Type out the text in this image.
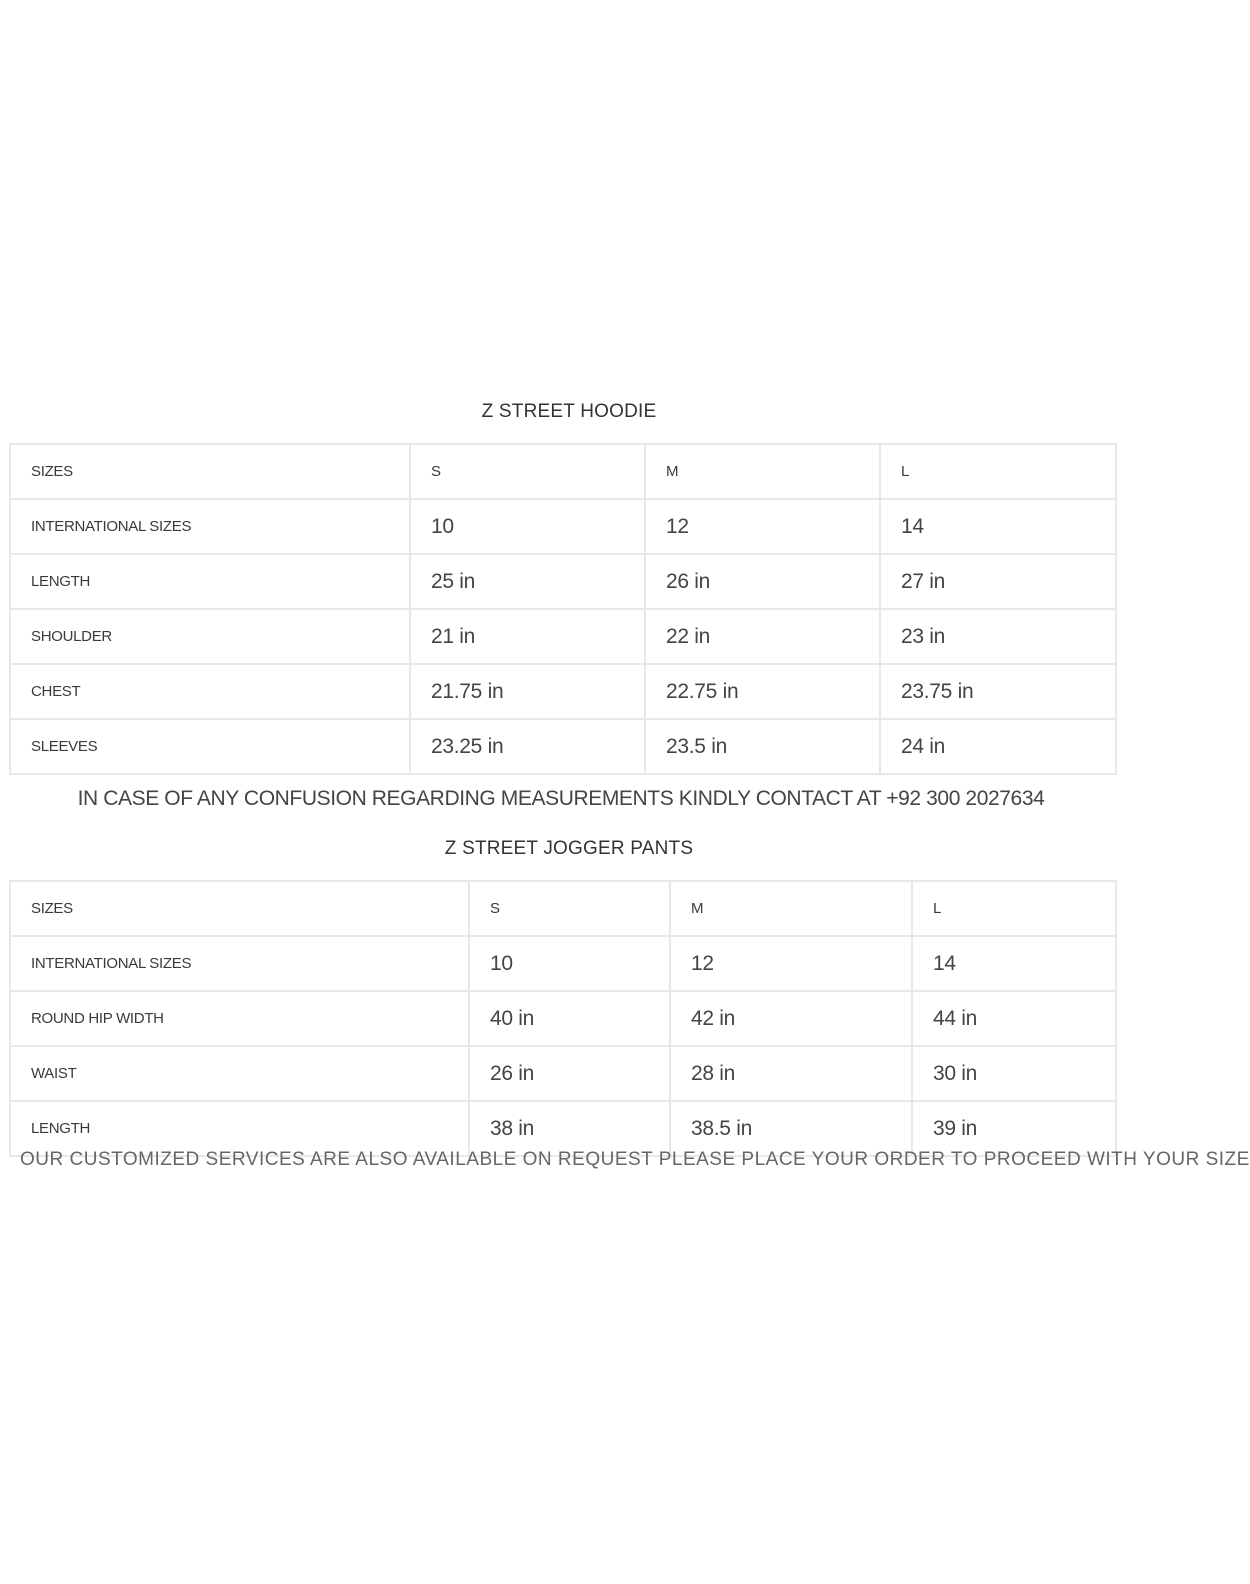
Z STREET HOODIE
SIZES	S	M	L
INTERNATIONAL SIZES	10	12	14
LENGTH	25 in	26 in	27 in
SHOULDER	21 in	22 in	23 in
CHEST	21.75 in	22.75 in	23.75 in
SLEEVES	23.25 in	23.5 in	24 in
IN CASE OF ANY CONFUSION REGARDING MEASUREMENTS KINDLY CONTACT AT +92 300 2027634
Z STREET JOGGER PANTS
SIZES	S	M	L
INTERNATIONAL SIZES	10	12	14
ROUND HIP WIDTH	40 in	42 in	44 in
WAIST	26 in	28 in	30 in
LENGTH	38 in	38.5 in	39 in
OUR CUSTOMIZED SERVICES ARE ALSO AVAILABLE ON REQUEST PLEASE PLACE YOUR ORDER TO PROCEED WITH YOUR SIZE
